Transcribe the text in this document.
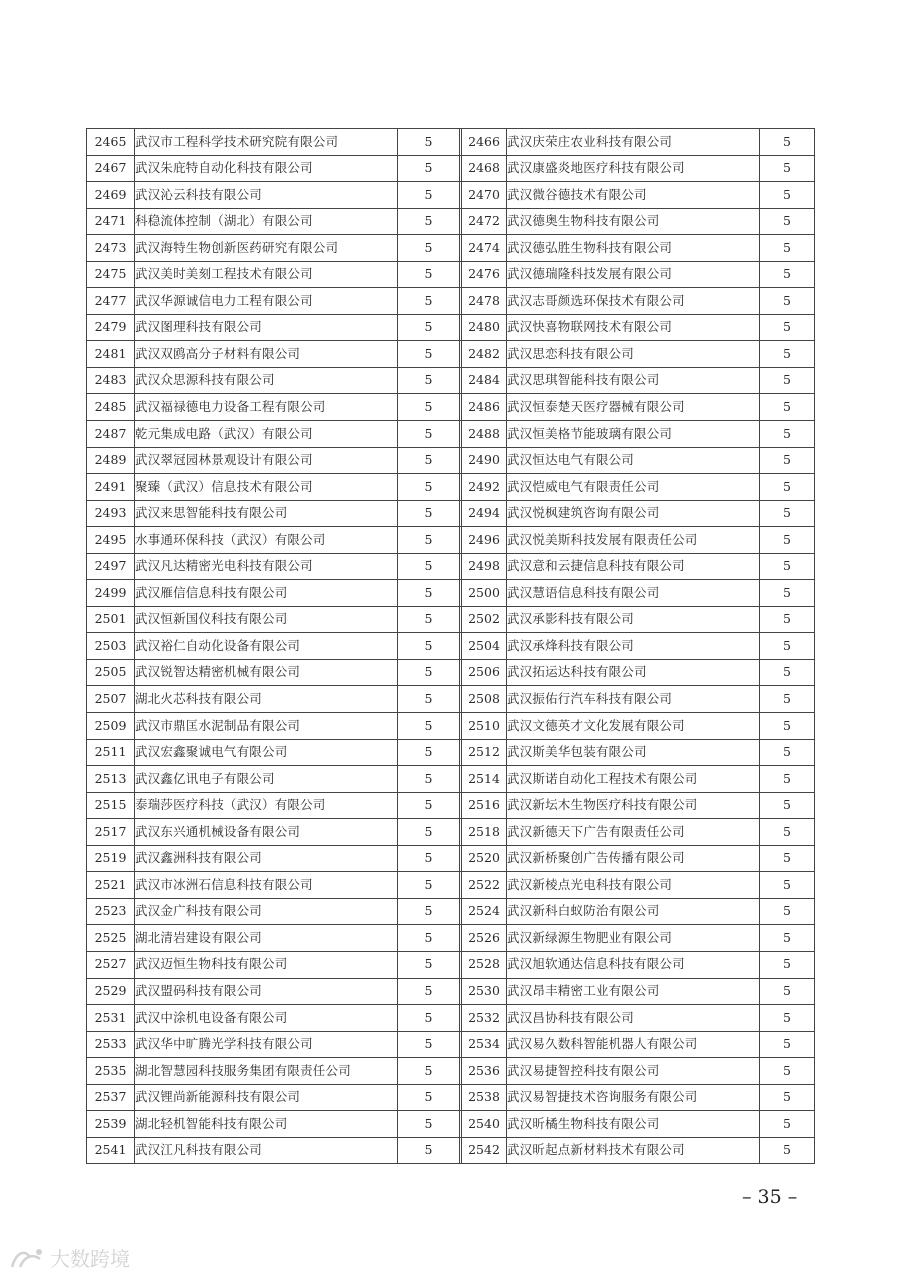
2465	武汉市工程科学技术研究院有限公司	5		2466	武汉庆荣庄农业科技有限公司	5
2467	武汉朱庇特自动化科技有限公司	5		2468	武汉康盛炎地医疗科技有限公司	5
2469	武汉沁云科技有限公司	5		2470	武汉微谷德技术有限公司	5
2471	科稳流体控制（湖北）有限公司	5		2472	武汉德奥生物科技有限公司	5
2473	武汉海特生物创新医药研究有限公司	5		2474	武汉德弘胜生物科技有限公司	5
2475	武汉美时美刻工程技术有限公司	5		2476	武汉德瑞隆科技发展有限公司	5
2477	武汉华源诚信电力工程有限公司	5		2478	武汉志哥颜选环保技术有限公司	5
2479	武汉图理科技有限公司	5		2480	武汉快喜物联网技术有限公司	5
2481	武汉双鸥高分子材料有限公司	5		2482	武汉思恋科技有限公司	5
2483	武汉众思源科技有限公司	5		2484	武汉思琪智能科技有限公司	5
2485	武汉福禄德电力设备工程有限公司	5		2486	武汉恒泰楚天医疗器械有限公司	5
2487	乾元集成电路（武汉）有限公司	5		2488	武汉恒美格节能玻璃有限公司	5
2489	武汉翠冠园林景观设计有限公司	5		2490	武汉恒达电气有限公司	5
2491	聚臻（武汉）信息技术有限公司	5		2492	武汉恺威电气有限责任公司	5
2493	武汉来思智能科技有限公司	5		2494	武汉悦枫建筑咨询有限公司	5
2495	水事通环保科技（武汉）有限公司	5		2496	武汉悦美斯科技发展有限责任公司	5
2497	武汉凡达精密光电科技有限公司	5		2498	武汉意和云捷信息科技有限公司	5
2499	武汉雁信信息科技有限公司	5		2500	武汉慧语信息科技有限公司	5
2501	武汉恒新国仪科技有限公司	5		2502	武汉承影科技有限公司	5
2503	武汉裕仁自动化设备有限公司	5		2504	武汉承烽科技有限公司	5
2505	武汉锐智达精密机械有限公司	5		2506	武汉拓运达科技有限公司	5
2507	湖北火芯科技有限公司	5		2508	武汉振佑行汽车科技有限公司	5
2509	武汉市鼎匡水泥制品有限公司	5		2510	武汉文德英才文化发展有限公司	5
2511	武汉宏鑫聚诚电气有限公司	5		2512	武汉斯美华包装有限公司	5
2513	武汉鑫亿讯电子有限公司	5		2514	武汉斯诺自动化工程技术有限公司	5
2515	泰瑞莎医疗科技（武汉）有限公司	5		2516	武汉新坛木生物医疗科技有限公司	5
2517	武汉东兴通机械设备有限公司	5		2518	武汉新德天下广告有限责任公司	5
2519	武汉鑫洲科技有限公司	5		2520	武汉新桥聚创广告传播有限公司	5
2521	武汉市冰洲石信息科技有限公司	5		2522	武汉新棱点光电科技有限公司	5
2523	武汉金广科技有限公司	5		2524	武汉新科白蚁防治有限公司	5
2525	湖北清岩建设有限公司	5		2526	武汉新绿源生物肥业有限公司	5
2527	武汉迈恒生物科技有限公司	5		2528	武汉旭软通达信息科技有限公司	5
2529	武汉盟码科技有限公司	5		2530	武汉昂丰精密工业有限公司	5
2531	武汉中涂机电设备有限公司	5		2532	武汉昌协科技有限公司	5
2533	武汉华中旷腾光学科技有限公司	5		2534	武汉易久数科智能机器人有限公司	5
2535	湖北智慧园科技服务集团有限责任公司	5		2536	武汉易捷智控科技有限公司	5
2537	武汉锂尚新能源科技有限公司	5		2538	武汉易智捷技术咨询服务有限公司	5
2539	湖北轻机智能科技有限公司	5		2540	武汉昕橘生物科技有限公司	5
2541	武汉江凡科技有限公司	5		2542	武汉昕起点新材料技术有限公司	5
– 35 –
大数跨境
